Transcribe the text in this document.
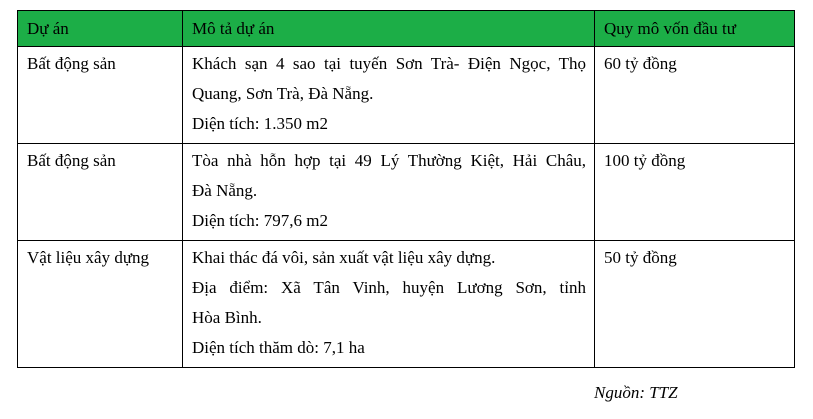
Dự án	Mô tả dự án	Quy mô vốn đầu tư
Bất động sản	Khách sạn 4 sao tại tuyến Sơn Trà- Điện Ngọc, Thọ
Quang, Sơn Trà, Đà Nẵng.
Diện tích: 1.350 m2	60 tỷ đồng
Bất động sản	Tòa nhà hỗn hợp tại 49 Lý Thường Kiệt, Hải Châu,
Đà Nẵng.
Diện tích: 797,6 m2	100 tỷ đồng
Vật liệu xây dựng	Khai thác đá vôi, sản xuất vật liệu xây dựng.
Địa điểm: Xã Tân Vinh, huyện Lương Sơn, tỉnh
Hòa Bình.
Diện tích thăm dò: 7,1 ha	50 tỷ đồng
Nguồn: TTZ
